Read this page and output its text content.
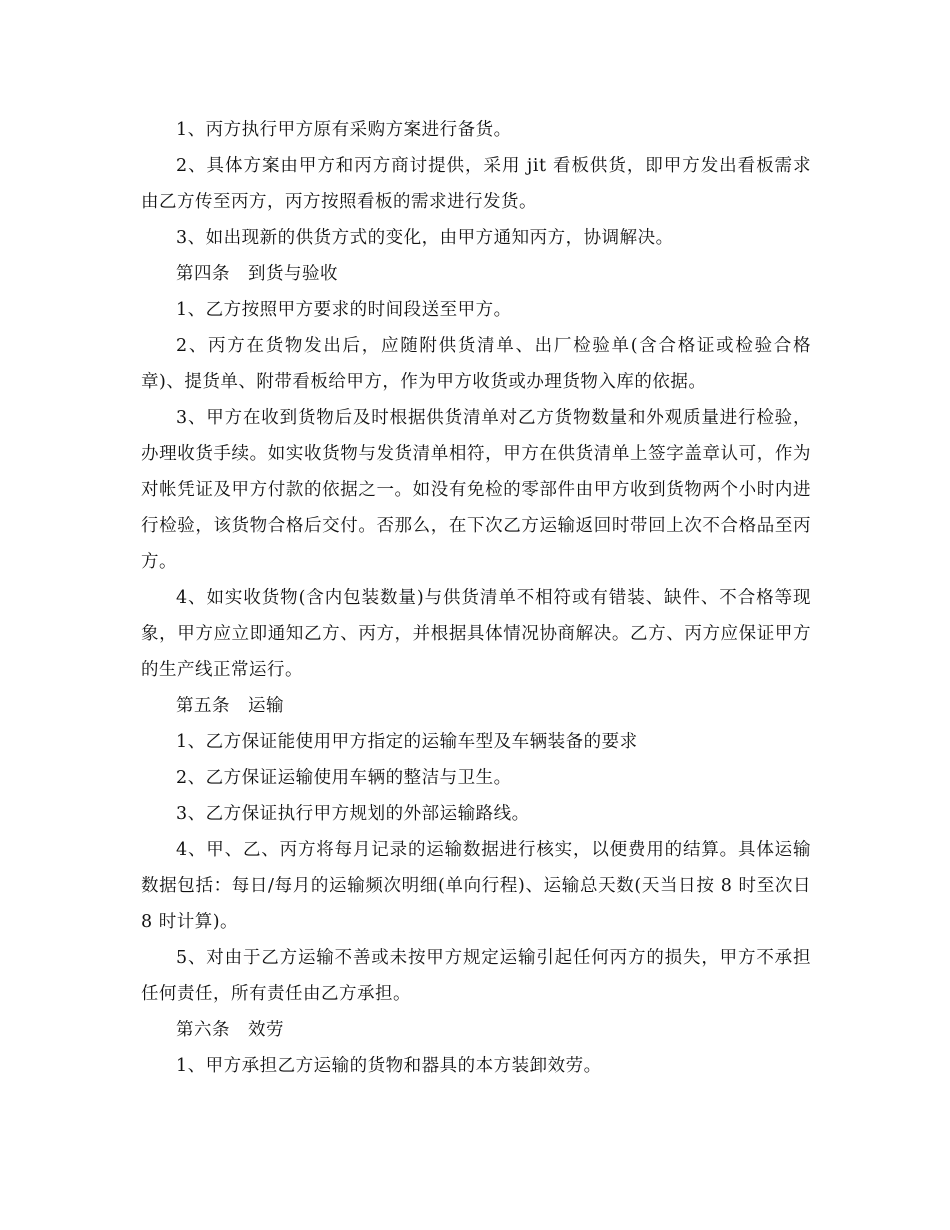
1、丙方执行甲方原有采购方案进行备货。

2、具体方案由甲方和丙方商讨提供，采用 jit 看板供货，即甲方发出看板需求由乙方传至丙方，丙方按照看板的需求进行发货。

3、如出现新的供货方式的变化，由甲方通知丙方，协调解决。

第四条　到货与验收

1、乙方按照甲方要求的时间段送至甲方。

2、丙方在货物发出后，应随附供货清单、出厂检验单(含合格证或检验合格章)、提货单、附带看板给甲方，作为甲方收货或办理货物入库的依据。

3、甲方在收到货物后及时根据供货清单对乙方货物数量和外观质量进行检验，办理收货手续。如实收货物与发货清单相符，甲方在供货清单上签字盖章认可，作为对帐凭证及甲方付款的依据之一。如没有免检的零部件由甲方收到货物两个小时内进行检验，该货物合格后交付。否那么，在下次乙方运输返回时带回上次不合格品至丙方。

4、如实收货物(含内包装数量)与供货清单不相符或有错装、缺件、不合格等现象，甲方应立即通知乙方、丙方，并根据具体情况协商解决。乙方、丙方应保证甲方的生产线正常运行。

第五条　运输

1、乙方保证能使用甲方指定的运输车型及车辆装备的要求

2、乙方保证运输使用车辆的整洁与卫生。

3、乙方保证执行甲方规划的外部运输路线。

4、甲、乙、丙方将每月记录的运输数据进行核实，以便费用的结算。具体运输数据包括：每日/每月的运输频次明细(单向行程)、运输总天数(天当日按 8 时至次日 8 时计算)。

5、对由于乙方运输不善或未按甲方规定运输引起任何丙方的损失，甲方不承担任何责任，所有责任由乙方承担。

第六条　效劳

1、甲方承担乙方运输的货物和器具的本方装卸效劳。
